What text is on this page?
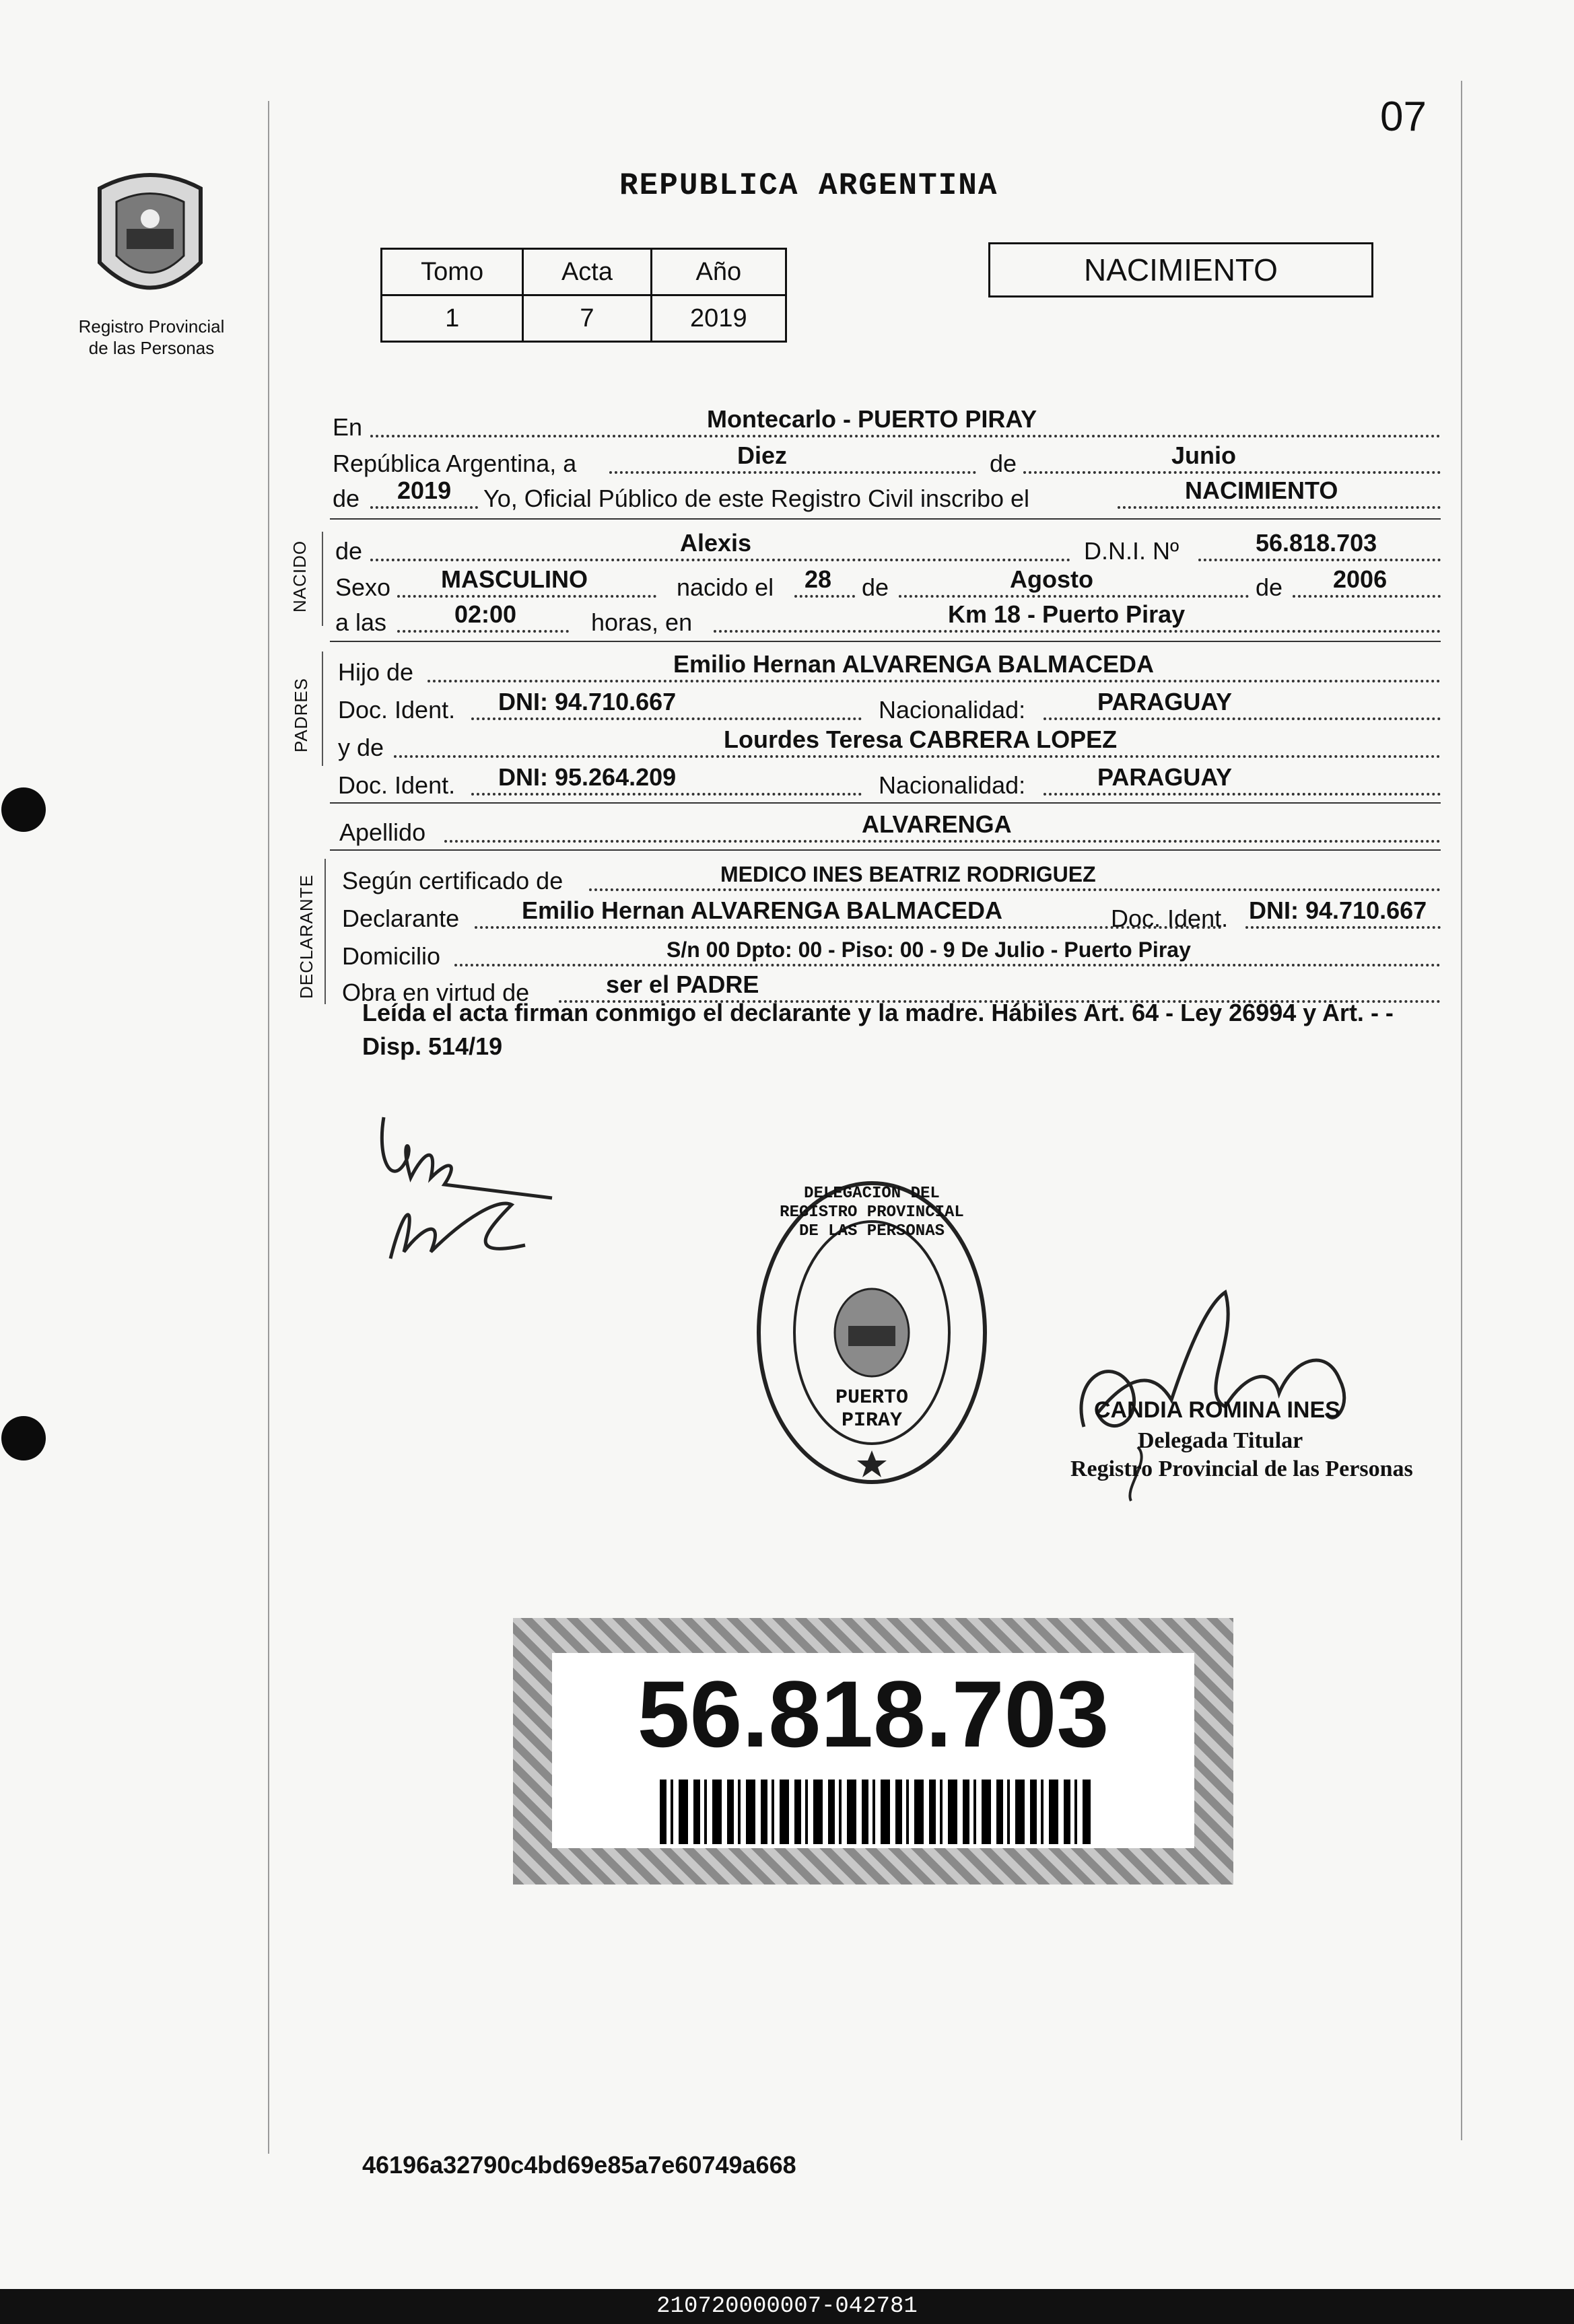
07
Registro Provincial
de las Personas
REPUBLICA ARGENTINA
Tomo	Acta	Año
1	7	2019
NACIMIENTO
NACIDO
PADRES
DECLARANTE
En	Montecarlo - PUERTO PIRAY
República Argentina, a	Diez	de	Junio
de 2019 Yo, Oficial Público de este Registro Civil inscribo el	NACIMIENTO
de	Alexis	D.N.I. Nº	56.818.703
Sexo MASCULINO	nacido el 28 de	Agosto	de 2006
a las	02:00	horas, en	Km 18 - Puerto Piray
Hijo de	Emilio Hernan ALVARENGA BALMACEDA
Doc. Ident. DNI: 94.710.667	Nacionalidad:	PARAGUAY
y de	Lourdes Teresa CABRERA LOPEZ
Doc. Ident. DNI: 95.264.209	Nacionalidad:	PARAGUAY
Apellido	ALVARENGA
Según certificado de	MEDICO INES BEATRIZ RODRIGUEZ
Declarante	Emilio Hernan ALVARENGA BALMACEDA	Doc. Ident. DNI: 94.710.667
Domicilio	S/n 00 Dpto: 00 - Piso: 00 - 9 De Julio - Puerto Piray
Obra en virtud de	ser el PADRE
Leída el acta firman conmigo el declarante y la madre. Hábiles Art. 64 - Ley 26994 y Art. - - Disp. 514/19
DELEGACION DEL REGISTRO PROVINCIAL DE LAS PERSONAS
PUERTO PIRAY	CANDIA ROMINA INES
Delegada Titular
Registro Provincial de las Personas
56.818.703
46196a32790c4bd69e85a7e60749a668
210720000007-042781
